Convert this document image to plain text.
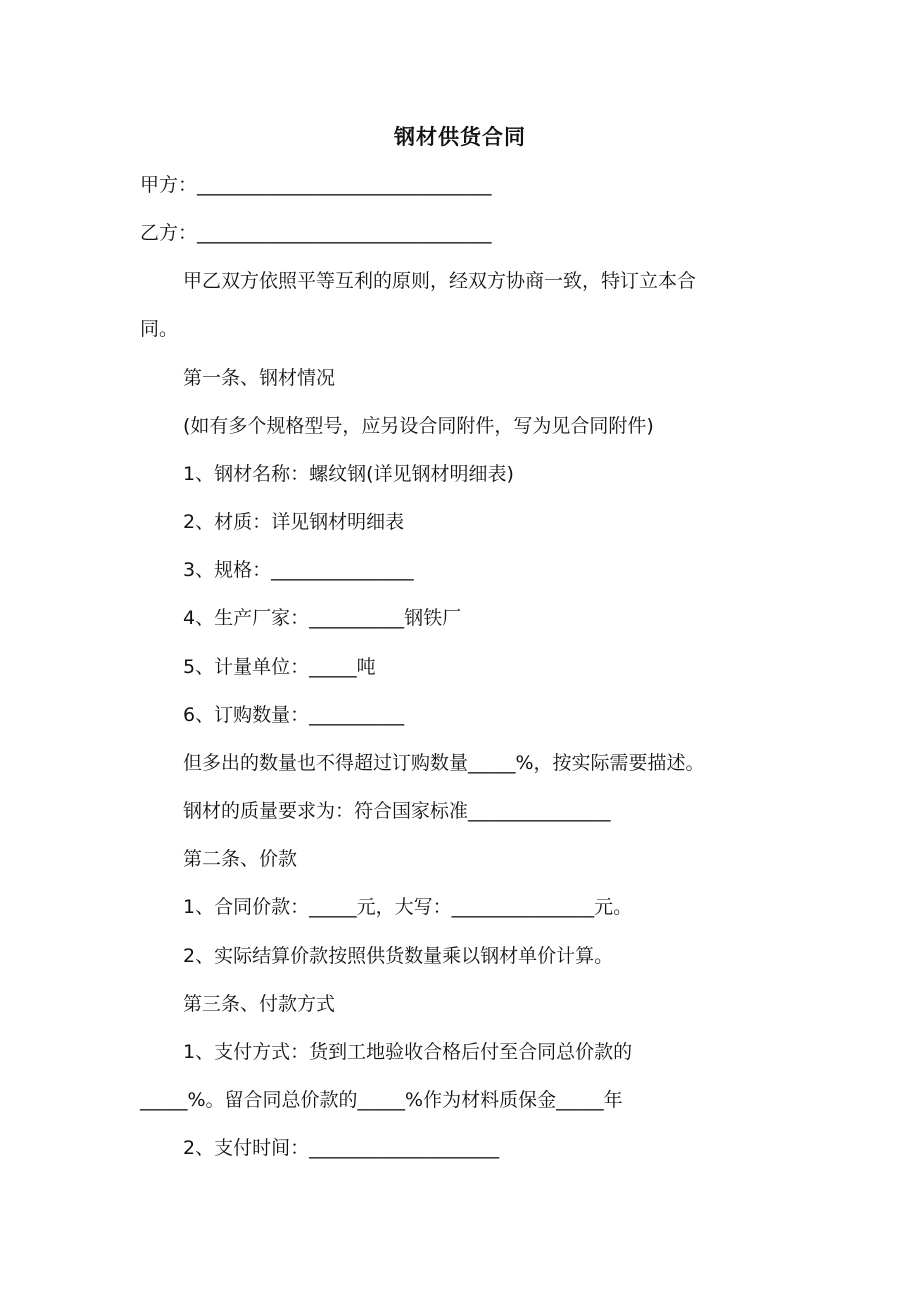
钢材供货合同
甲方：_______________________________
乙方：_______________________________
甲乙双方依照平等互利的原则，经双方协商一致，特订立本合
同。
第一条、钢材情况
(如有多个规格型号，应另设合同附件，写为见合同附件)
1、钢材名称：螺纹钢(详见钢材明细表)
2、材质：详见钢材明细表
3、规格：_______________
4、生产厂家：__________钢铁厂
5、计量单位：_____吨
6、订购数量：__________
但多出的数量也不得超过订购数量_____%，按实际需要描述。
钢材的质量要求为：符合国家标准_______________
第二条、价款
1、合同价款：_____元，大写：_______________元。
2、实际结算价款按照供货数量乘以钢材单价计算。
第三条、付款方式
1、支付方式：货到工地验收合格后付至合同总价款的
_____%。留合同总价款的_____%作为材料质保金_____年
2、支付时间：____________________
